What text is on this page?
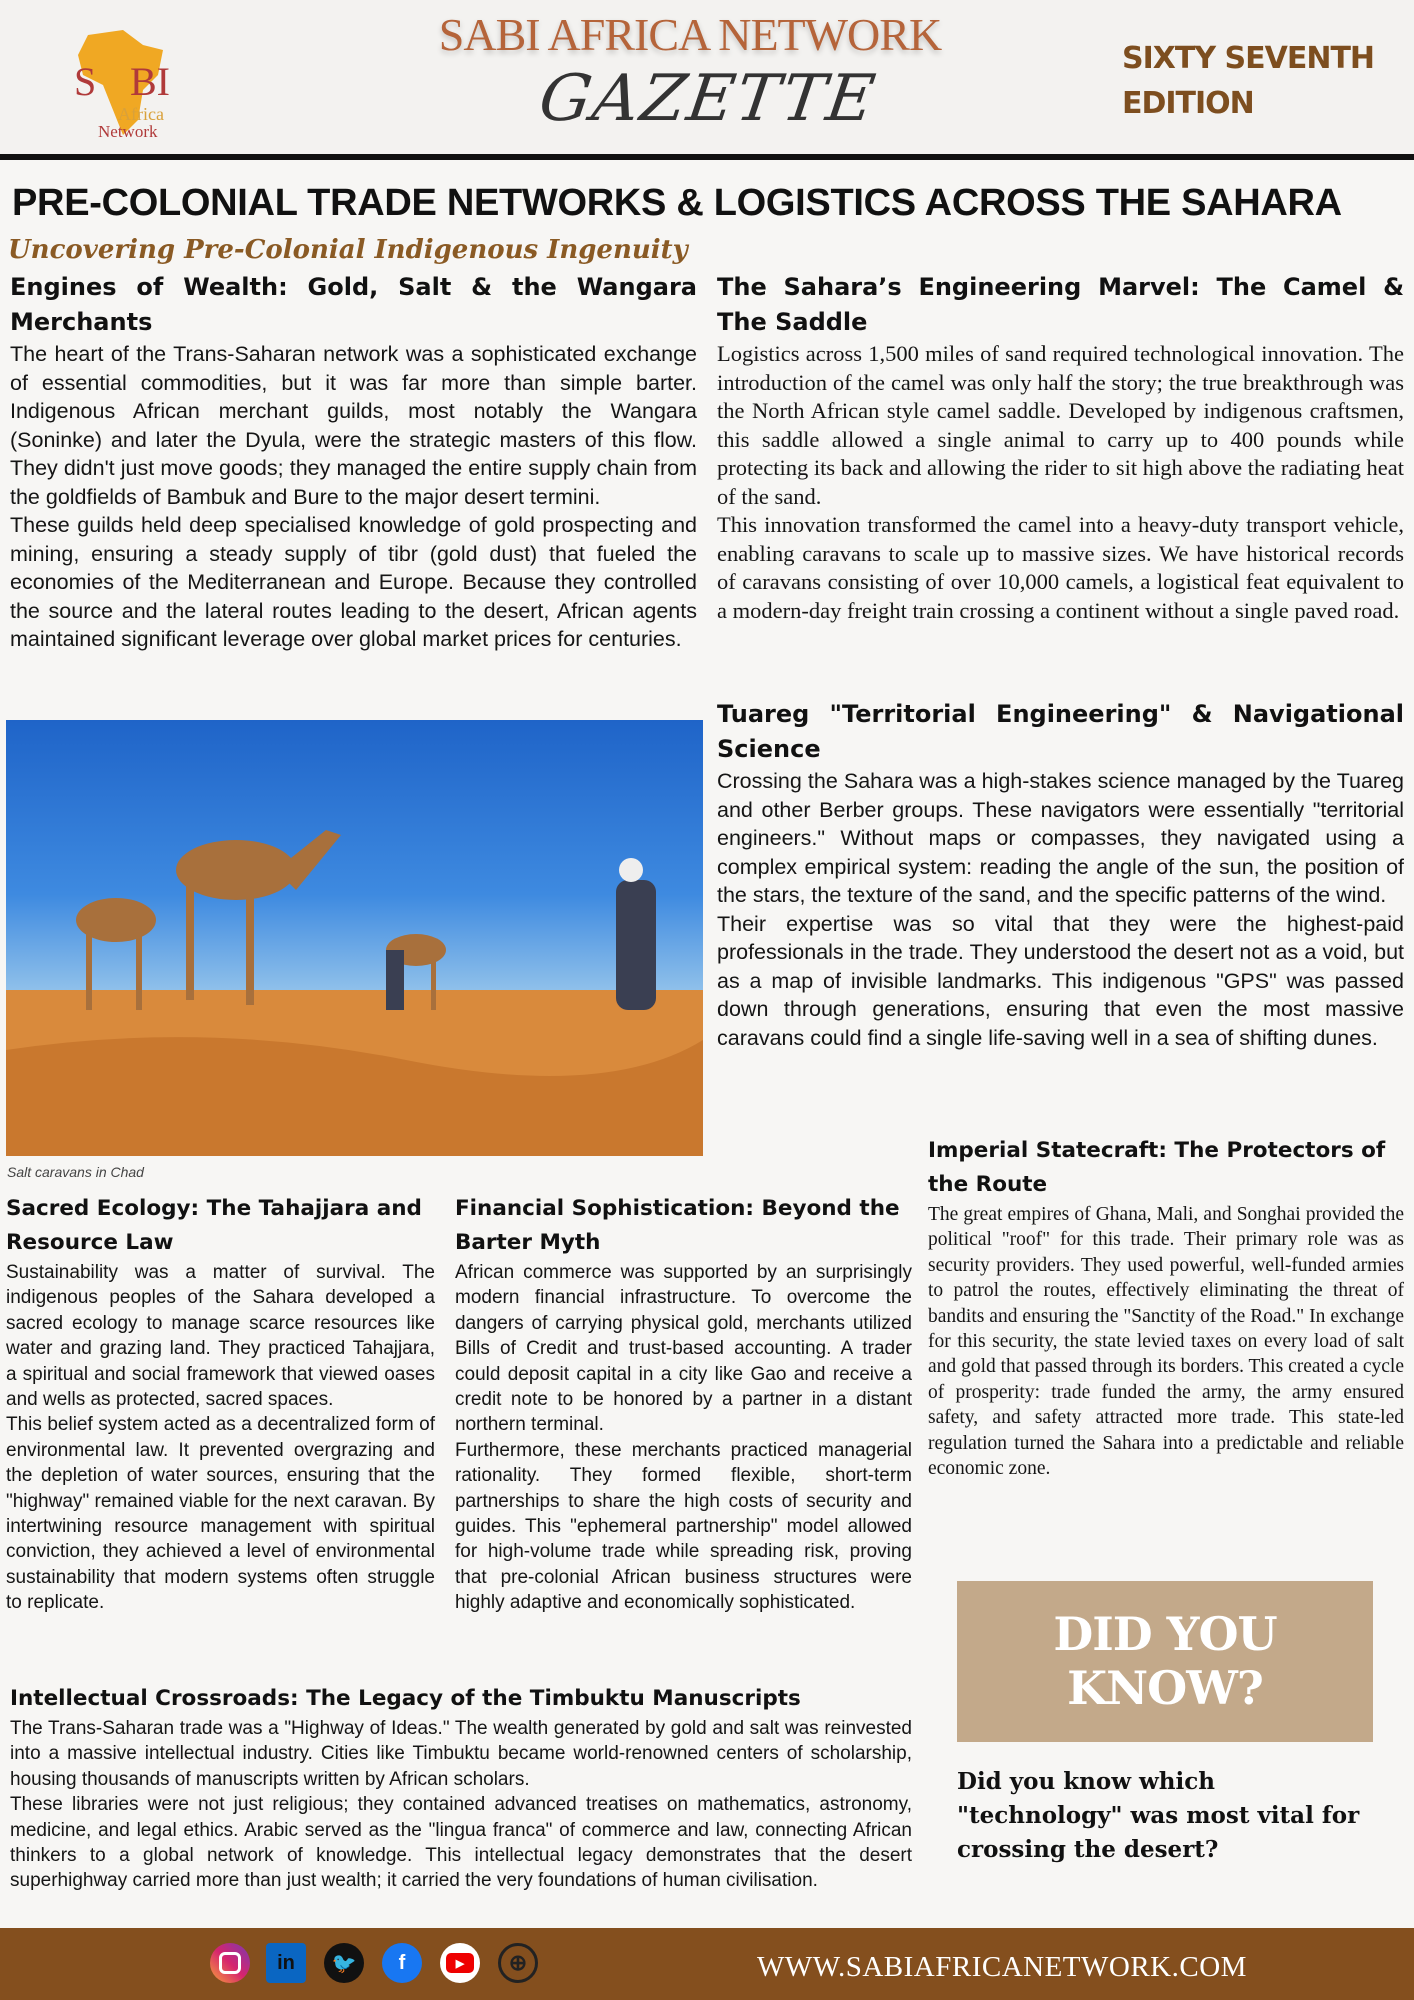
S BI
Africa
Network
SABI AFRICA NETWORK
GAZETTE
SIXTY SEVENTH EDITION
PRE-COLONIAL TRADE NETWORKS & LOGISTICS ACROSS THE SAHARA
Uncovering Pre-Colonial Indigenous Ingenuity
Engines of Wealth: Gold, Salt & the Wangara Merchants

The heart of the Trans-Saharan network was a sophisticated exchange of essential commodities, but it was far more than simple barter. Indigenous African merchant guilds, most notably the Wangara (Soninke) and later the Dyula, were the strategic masters of this flow. They didn't just move goods; they managed the entire supply chain from the goldfields of Bambuk and Bure to the major desert termini.

These guilds held deep specialised knowledge of gold prospecting and mining, ensuring a steady supply of tibr (gold dust) that fueled the economies of the Mediterranean and Europe. Because they controlled the source and the lateral routes leading to the desert, African agents maintained significant leverage over global market prices for centuries.

The Sahara’s Engineering Marvel: The Camel & The Saddle

Logistics across 1,500 miles of sand required technological innovation. The introduction of the camel was only half the story; the true breakthrough was the North African style camel saddle. Developed by indigenous craftsmen, this saddle allowed a single animal to carry up to 400 pounds while protecting its back and allowing the rider to sit high above the radiating heat of the sand.

This innovation transformed the camel into a heavy-duty transport vehicle, enabling caravans to scale up to massive sizes. We have historical records of caravans consisting of over 10,000 camels, a logistical feat equivalent to a modern-day freight train crossing a continent without a single paved road.

Tuareg "Territorial Engineering" & Navigational Science

Crossing the Sahara was a high-stakes science managed by the Tuareg and other Berber groups. These navigators were essentially "territorial engineers." Without maps or compasses, they navigated using a complex empirical system: reading the angle of the sun, the position of the stars, the texture of the sand, and the specific patterns of the wind.

Their expertise was so vital that they were the highest-paid professionals in the trade. They understood the desert not as a void, but as a map of invisible landmarks. This indigenous "GPS" was passed down through generations, ensuring that even the most massive caravans could find a single life-saving well in a sea of shifting dunes.

Salt caravans in Chad
Sacred Ecology: The Tahajjara and Resource Law

Sustainability was a matter of survival. The indigenous peoples of the Sahara developed a sacred ecology to manage scarce resources like water and grazing land. They practiced Tahajjara, a spiritual and social framework that viewed oases and wells as protected, sacred spaces.

This belief system acted as a decentralized form of environmental law. It prevented overgrazing and the depletion of water sources, ensuring that the "highway" remained viable for the next caravan. By intertwining resource management with spiritual conviction, they achieved a level of environmental sustainability that modern systems often struggle to replicate.

Financial Sophistication: Beyond the Barter Myth

African commerce was supported by an surprisingly modern financial infrastructure. To overcome the dangers of carrying physical gold, merchants utilized Bills of Credit and trust-based accounting. A trader could deposit capital in a city like Gao and receive a credit note to be honored by a partner in a distant northern terminal.

Furthermore, these merchants practiced managerial rationality. They formed flexible, short-term partnerships to share the high costs of security and guides. This "ephemeral partnership" model allowed for high-volume trade while spreading risk, proving that pre-colonial African business structures were highly adaptive and economically sophisticated.

Imperial Statecraft: The Protectors of the Route

The great empires of Ghana, Mali, and Songhai provided the political "roof" for this trade. Their primary role was as security providers. They used powerful, well-funded armies to patrol the routes, effectively eliminating the threat of bandits and ensuring the "Sanctity of the Road." In exchange for this security, the state levied taxes on every load of salt and gold that passed through its borders. This created a cycle of prosperity: trade funded the army, the army ensured safety, and safety attracted more trade. This state-led regulation turned the Sahara into a predictable and reliable economic zone.

Intellectual Crossroads: The Legacy of the Timbuktu Manuscripts

The Trans-Saharan trade was a "Highway of Ideas." The wealth generated by gold and salt was reinvested into a massive intellectual industry. Cities like Timbuktu became world-renowned centers of scholarship, housing thousands of manuscripts written by African scholars.

These libraries were not just religious; they contained advanced treatises on mathematics, astronomy, medicine, and legal ethics. Arabic served as the "lingua franca" of commerce and law, connecting African thinkers to a global network of knowledge. This intellectual legacy demonstrates that the desert superhighway carried more than just wealth; it carried the very foundations of human civilisation.

DID YOU KNOW?
Did you know which "technology" was most vital for crossing the desert?
in	🐦	f	▶	⊕	WWW.SABIAFRICANETWORK.COM
